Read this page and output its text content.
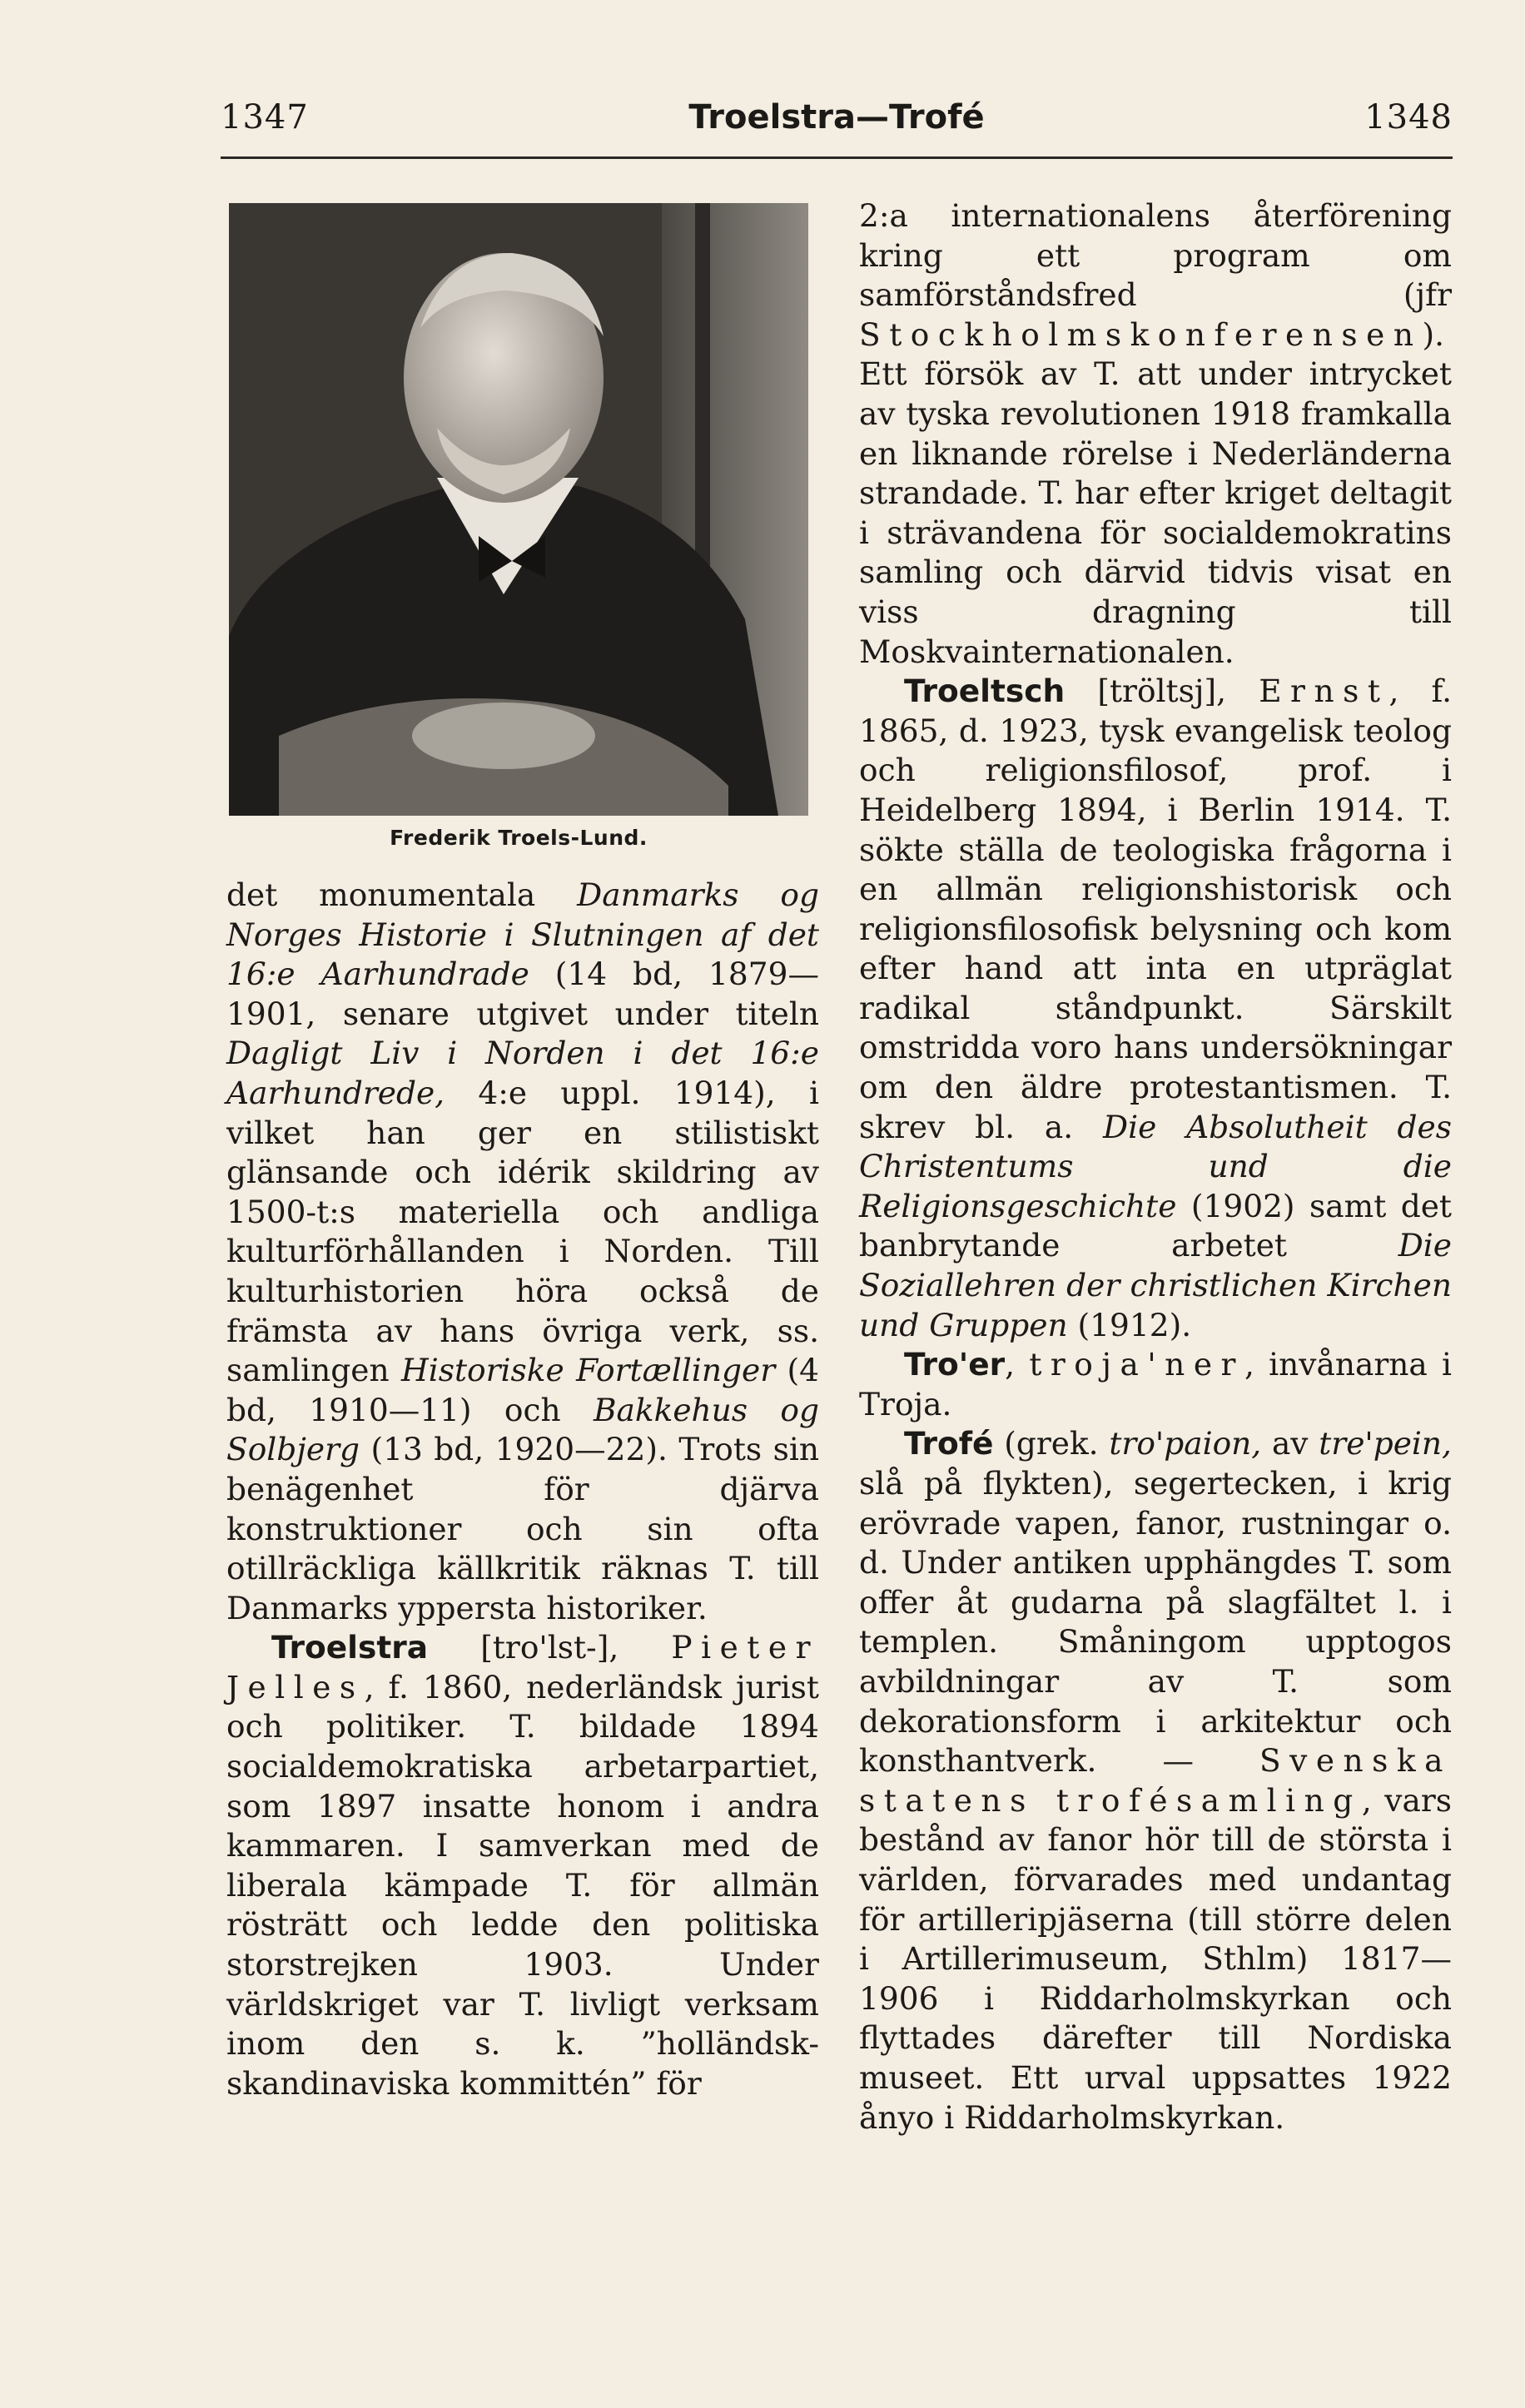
1347	Troelstra—Trofé	1348
Frederik Troels-Lund.

det monumentala Danmarks og Norges Historie i Slutningen af det 16:e Aarhundrade (14 bd, 1879—1901, senare utgivet under titeln Dagligt Liv i Norden i det 16:e Aarhundrede, 4:e uppl. 1914), i vilket han ger en stilistiskt glänsande och idérik skildring av 1500-t:s materiella och andliga kulturförhållanden i Norden. Till kulturhistorien höra också de främsta av hans övriga verk, ss. samlingen Historiske Fortællinger (4 bd, 1910—11) och Bakkehus og Solbjerg (13 bd, 1920—22). Trots sin benägenhet för djärva konstruktioner och sin ofta otillräckliga källkritik räknas T. till Danmarks yppersta historiker.

Troelstra [tro'lst-], Pieter Jelles, f. 1860, nederländsk jurist och politiker. T. bildade 1894 socialdemokratiska arbetarpartiet, som 1897 insatte honom i andra kammaren. I samverkan med de liberala kämpade T. för allmän rösträtt och ledde den politiska storstrejken 1903. Under världskriget var T. livligt verksam inom den s. k. ”holländsk-skandinaviska kommittén” för

2:a internationalens återförening kring ett program om samförståndsfred (jfr Stockholmskonferensen). Ett försök av T. att under intrycket av tyska revolutionen 1918 framkalla en liknande rörelse i Nederländerna strandade. T. har efter kriget deltagit i strävandena för socialdemokratins samling och därvid tidvis visat en viss dragning till Moskvainternationalen.

Troeltsch [tröltsj], Ernst, f. 1865, d. 1923, tysk evangelisk teolog och religionsfilosof, prof. i Heidelberg 1894, i Berlin 1914. T. sökte ställa de teologiska frågorna i en allmän religionshistorisk och religionsfilosofisk belysning och kom efter hand att inta en utpräglat radikal ståndpunkt. Särskilt omstridda voro hans undersökningar om den äldre protestantismen. T. skrev bl. a. Die Absolutheit des Christentums und die Religionsgeschichte (1902) samt det banbrytande arbetet Die Soziallehren der christlichen Kirchen und Gruppen (1912).

Tro'er, troja'ner, invånarna i Troja.

Trofé (grek. tro'paion, av tre'pein, slå på flykten), segertecken, i krig erövrade vapen, fanor, rustningar o. d. Under antiken upphängdes T. som offer åt gudarna på slagfältet l. i templen. Småningom upptogos avbildningar av T. som dekorationsform i arkitektur och konsthantverk. — Svenska statens trofésamling, vars bestånd av fanor hör till de största i världen, förvarades med undantag för artilleripjäserna (till större delen i Artillerimuseum, Sthlm) 1817—1906 i Riddarholmskyrkan och flyttades därefter till Nordiska museet. Ett urval uppsattes 1922 ånyo i Riddarholmskyrkan.
